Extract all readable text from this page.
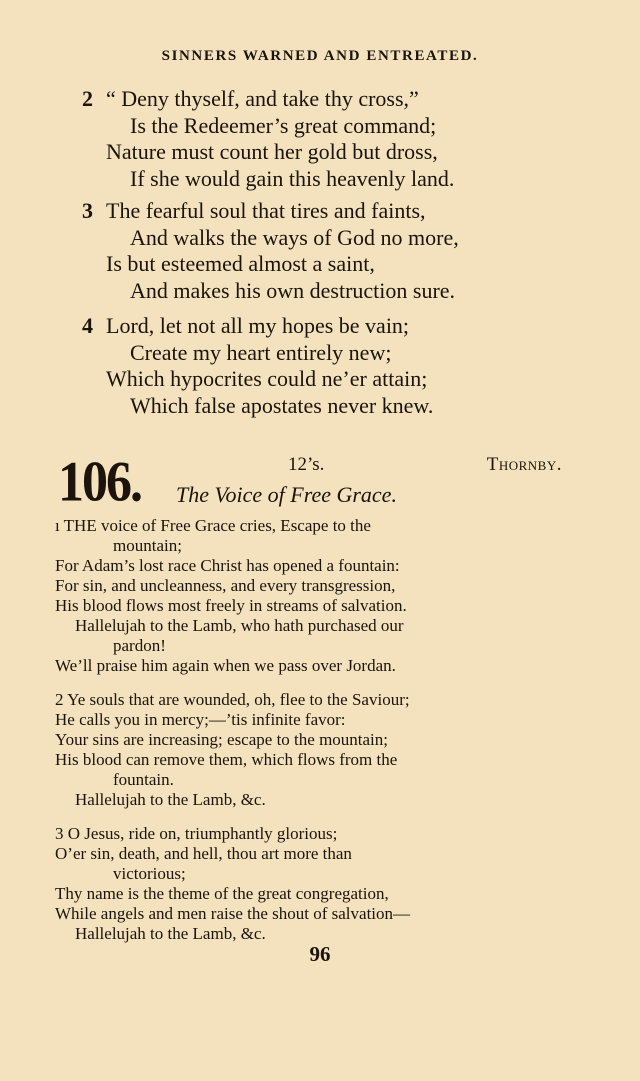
SINNERS WARNED AND ENTREATED.
2 “ Deny thyself, and take thy cross,”
Is the Redeemer’s great command;
Nature must count her gold but dross,
If she would gain this heavenly land.
3 The fearful soul that tires and faints,
And walks the ways of God no more,
Is but esteemed almost a saint,
And makes his own destruction sure.
4 Lord, let not all my hopes be vain;
Create my heart entirely new;
Which hypocrites could ne’er attain;
Which false apostates never knew.
106.	12’s.	Thornby.
The Voice of Free Grace.
ı THE voice of Free Grace cries, Escape to the
mountain;
For Adam’s lost race Christ has opened a fountain:
For sin, and uncleanness, and every transgression,
His blood flows most freely in streams of salvation.
Hallelujah to the Lamb, who hath purchased our
pardon!
We’ll praise him again when we pass over Jordan.
2 Ye souls that are wounded, oh, flee to the Saviour;
He calls you in mercy;—’tis infinite favor:
Your sins are increasing; escape to the mountain;
His blood can remove them, which flows from the
fountain.
Hallelujah to the Lamb, &c.
3 O Jesus, ride on, triumphantly glorious;
O’er sin, death, and hell, thou art more than
victorious;
Thy name is the theme of the great congregation,
While angels and men raise the shout of salvation—
Hallelujah to the Lamb, &c.
96
